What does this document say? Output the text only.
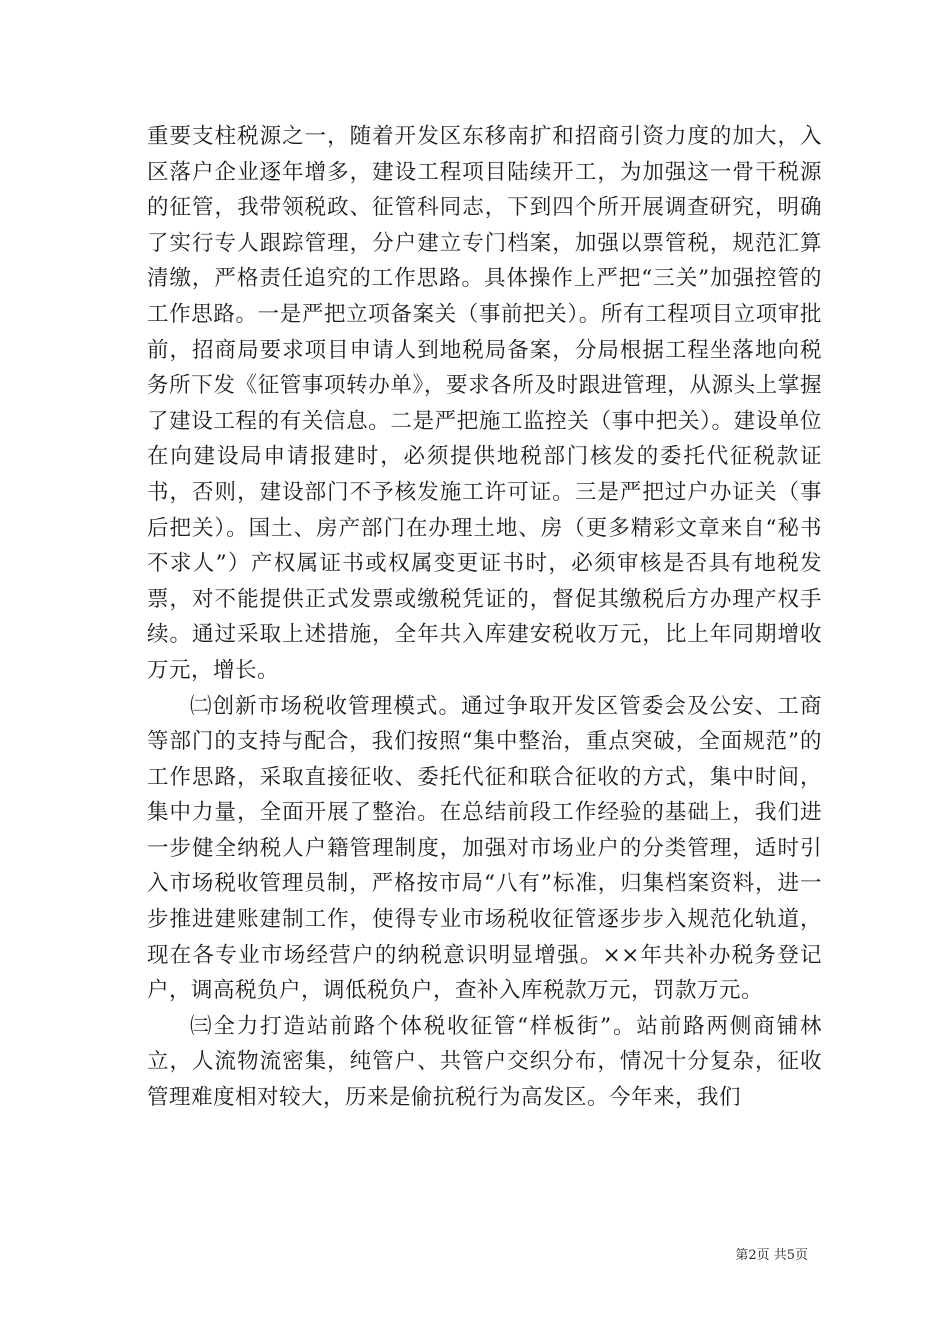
重要支柱税源之一，随着开发区东移南扩和招商引资力度的加大，入区落户企业逐年增多，建设工程项目陆续开工，为加强这一骨干税源的征管，我带领税政、征管科同志，下到四个所开展调查研究，明确了实行专人跟踪管理，分户建立专门档案，加强以票管税，规范汇算清缴，严格责任追究的工作思路。具体操作上严把“三关”加强控管的工作思路。一是严把立项备案关（事前把关）。所有工程项目立项审批前，招商局要求项目申请人到地税局备案，分局根据工程坐落地向税务所下发《征管事项转办单》，要求各所及时跟进管理，从源头上掌握了建设工程的有关信息。二是严把施工监控关（事中把关）。建设单位在向建设局申请报建时，必须提供地税部门核发的委托代征税款证书，否则，建设部门不予核发施工许可证。三是严把过户办证关（事后把关）。国土、房产部门在办理土地、房（更多精彩文章来自“秘书不求人”）产权属证书或权属变更证书时，必须审核是否具有地税发票，对不能提供正式发票或缴税凭证的，督促其缴税后方办理产权手续。通过采取上述措施，全年共入库建安税收万元，比上年同期增收万元，增长。

㈡创新市场税收管理模式。通过争取开发区管委会及公安、工商等部门的支持与配合，我们按照“集中整治，重点突破，全面规范”的工作思路，采取直接征收、委托代征和联合征收的方式，集中时间，集中力量，全面开展了整治。在总结前段工作经验的基础上，我们进一步健全纳税人户籍管理制度，加强对市场业户的分类管理，适时引入市场税收管理员制，严格按市局“八有”标准，归集档案资料，进一步推进建账建制工作，使得专业市场税收征管逐步步入规范化轨道，现在各专业市场经营户的纳税意识明显增强。××年共补办税务登记户，调高税负户，调低税负户，查补入库税款万元，罚款万元。

㈢全力打造站前路个体税收征管“样板街”。站前路两侧商铺林立，人流物流密集，纯管户、共管户交织分布，情况十分复杂，征收管理难度相对较大，历来是偷抗税行为高发区。今年来，我们

第2页 共5页
